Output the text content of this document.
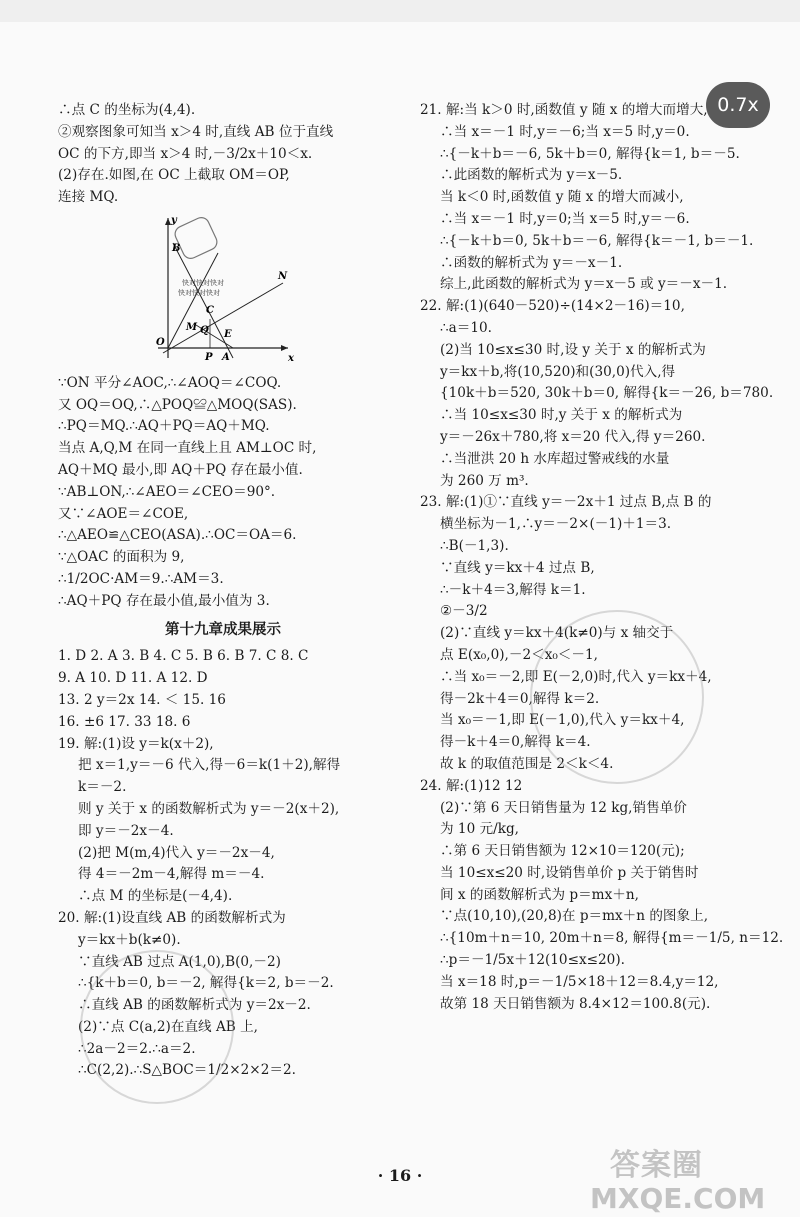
0.7x
∴点 C 的坐标为(4,4).
②观察图象可知当 x＞4 时,直线 AB 位于直线
OC 的下方,即当 x＞4 时,－3/2x＋10＜x.
(2)存在.如图,在 OC 上截取 OM＝OP,
连接 MQ.
快对快对快对
快对快对快对
y
B
N
C
M Q E
O
P A	x
∵ON 平分∠AOC,∴∠AOQ＝∠COQ.
又 OQ＝OQ,∴△POQ≌△MOQ(SAS).
∴PQ＝MQ.∴AQ＋PQ＝AQ＋MQ.
当点 A,Q,M 在同一直线上且 AM⊥OC 时,
AQ＋MQ 最小,即 AQ＋PQ 存在最小值.
∵AB⊥ON,∴∠AEO＝∠CEO＝90°.
又∵∠AOE＝∠COE,
∴△AEO≌△CEO(ASA).∴OC＝OA＝6.
∵△OAC 的面积为 9,
∴1/2OC·AM＝9.∴AM＝3.
∴AQ＋PQ 存在最小值,最小值为 3.
第十九章成果展示
1. D 2. A 3. B 4. C 5. B 6. B 7. C 8. C
9. A 10. D 11. A 12. D
13. 2 y＝2x 14. ＜ 15. 16
16. ±6 17. 33 18. 6
19. 解:(1)设 y＝k(x＋2),
把 x＝1,y＝－6 代入,得－6＝k(1＋2),解得
k＝－2.
则 y 关于 x 的函数解析式为 y＝－2(x＋2),
即 y＝－2x－4.
(2)把 M(m,4)代入 y＝－2x－4,
得 4＝－2m－4,解得 m＝－4.
∴点 M 的坐标是(－4,4).
20. 解:(1)设直线 AB 的函数解析式为
y＝kx＋b(k≠0).
∵直线 AB 过点 A(1,0),B(0,－2)
∴{k＋b＝0, b＝－2, 解得{k＝2, b＝－2.
∴直线 AB 的函数解析式为 y＝2x－2.
(2)∵点 C(a,2)在直线 AB 上,
∴2a－2＝2.∴a＝2.
∴C(2,2).∴S△BOC＝1/2×2×2＝2.
21. 解:当 k＞0 时,函数值 y 随 x 的增大而增大,
∴当 x＝－1 时,y＝－6;当 x＝5 时,y＝0.
∴{－k＋b＝－6, 5k＋b＝0, 解得{k＝1, b＝－5.
∴此函数的解析式为 y＝x－5.
当 k＜0 时,函数值 y 随 x 的增大而减小,
∴当 x＝－1 时,y＝0;当 x＝5 时,y＝－6.
∴{－k＋b＝0, 5k＋b＝－6, 解得{k＝－1, b＝－1.
∴函数的解析式为 y＝－x－1.
综上,此函数的解析式为 y＝x－5 或 y＝－x－1.
22. 解:(1)(640－520)÷(14×2－16)＝10,
∴a＝10.
(2)当 10≤x≤30 时,设 y 关于 x 的解析式为
y＝kx＋b,将(10,520)和(30,0)代入,得
{10k＋b＝520, 30k＋b＝0, 解得{k＝－26, b＝780.
∴当 10≤x≤30 时,y 关于 x 的解析式为
y＝－26x＋780,将 x＝20 代入,得 y＝260.
∴当泄洪 20 h 水库超过警戒线的水量
为 260 万 m³.
23. 解:(1)①∵直线 y＝－2x＋1 过点 B,点 B 的
横坐标为－1,∴y＝－2×(－1)＋1＝3.
∴B(－1,3).
∵直线 y＝kx＋4 过点 B,
∴－k＋4＝3,解得 k＝1.
②－3/2
(2)∵直线 y＝kx＋4(k≠0)与 x 轴交于
点 E(x₀,0),－2＜x₀＜－1,
∴当 x₀＝－2,即 E(－2,0)时,代入 y＝kx＋4,
得－2k＋4＝0,解得 k＝2.
当 x₀＝－1,即 E(－1,0),代入 y＝kx＋4,
得－k＋4＝0,解得 k＝4.
故 k 的取值范围是 2＜k＜4.
24. 解:(1)12 12
(2)∵第 6 天日销售量为 12 kg,销售单价
为 10 元/kg,
∴第 6 天日销售额为 12×10＝120(元);
当 10≤x≤20 时,设销售单价 p 关于销售时
间 x 的函数解析式为 p＝mx＋n,
∵点(10,10),(20,8)在 p＝mx＋n 的图象上,
∴{10m＋n＝10, 20m＋n＝8, 解得{m＝－1/5, n＝12.
∴p＝－1/5x＋12(10≤x≤20).
当 x＝18 时,p＝－1/5×18＋12＝8.4,y＝12,
故第 18 天日销售额为 8.4×12＝100.8(元).
· 16 ·	答案圈
MXQE.COM
